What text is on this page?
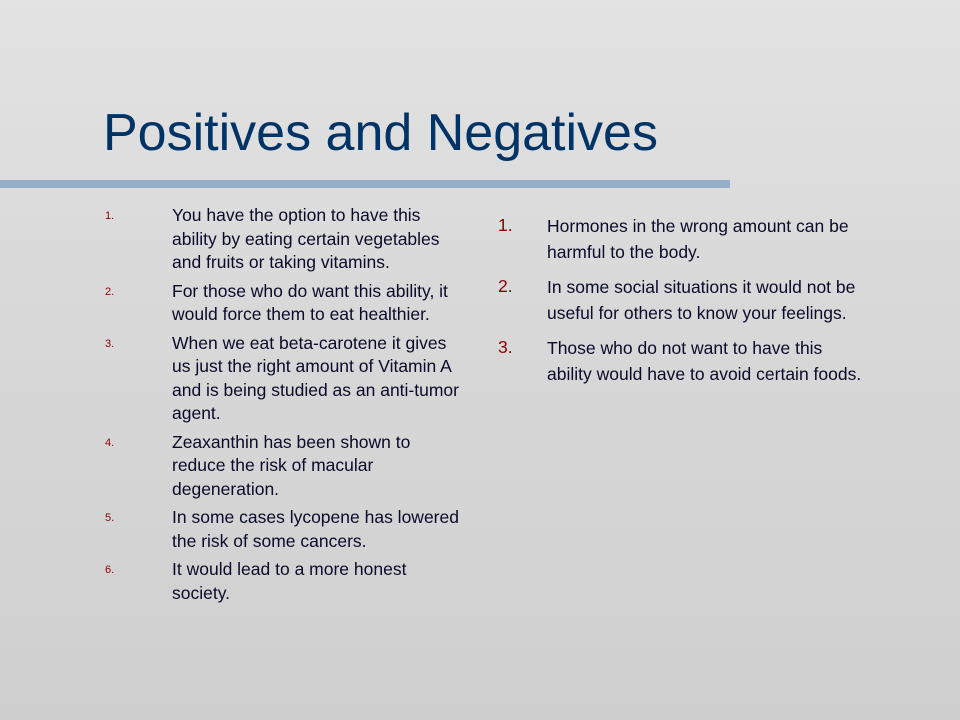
Positives and Negatives
1.	You have the option to have this ability by eating certain vegetables and fruits or taking vitamins.
2.	For those who do want this ability, it would force them to eat healthier.
3.	When we eat beta-carotene it gives us just the right amount of Vitamin A and is being studied as an anti-tumor agent.
4.	Zeaxanthin has been shown to reduce the risk of macular degeneration.
5.	In some cases lycopene has lowered the risk of some cancers.
6.	It would lead to a more honest society.
1. Hormones in the wrong amount can be harmful to the body.
2. In some social situations it would not be useful for others to know your feelings.
3. Those who do not want to have this ability would have to avoid certain foods.
